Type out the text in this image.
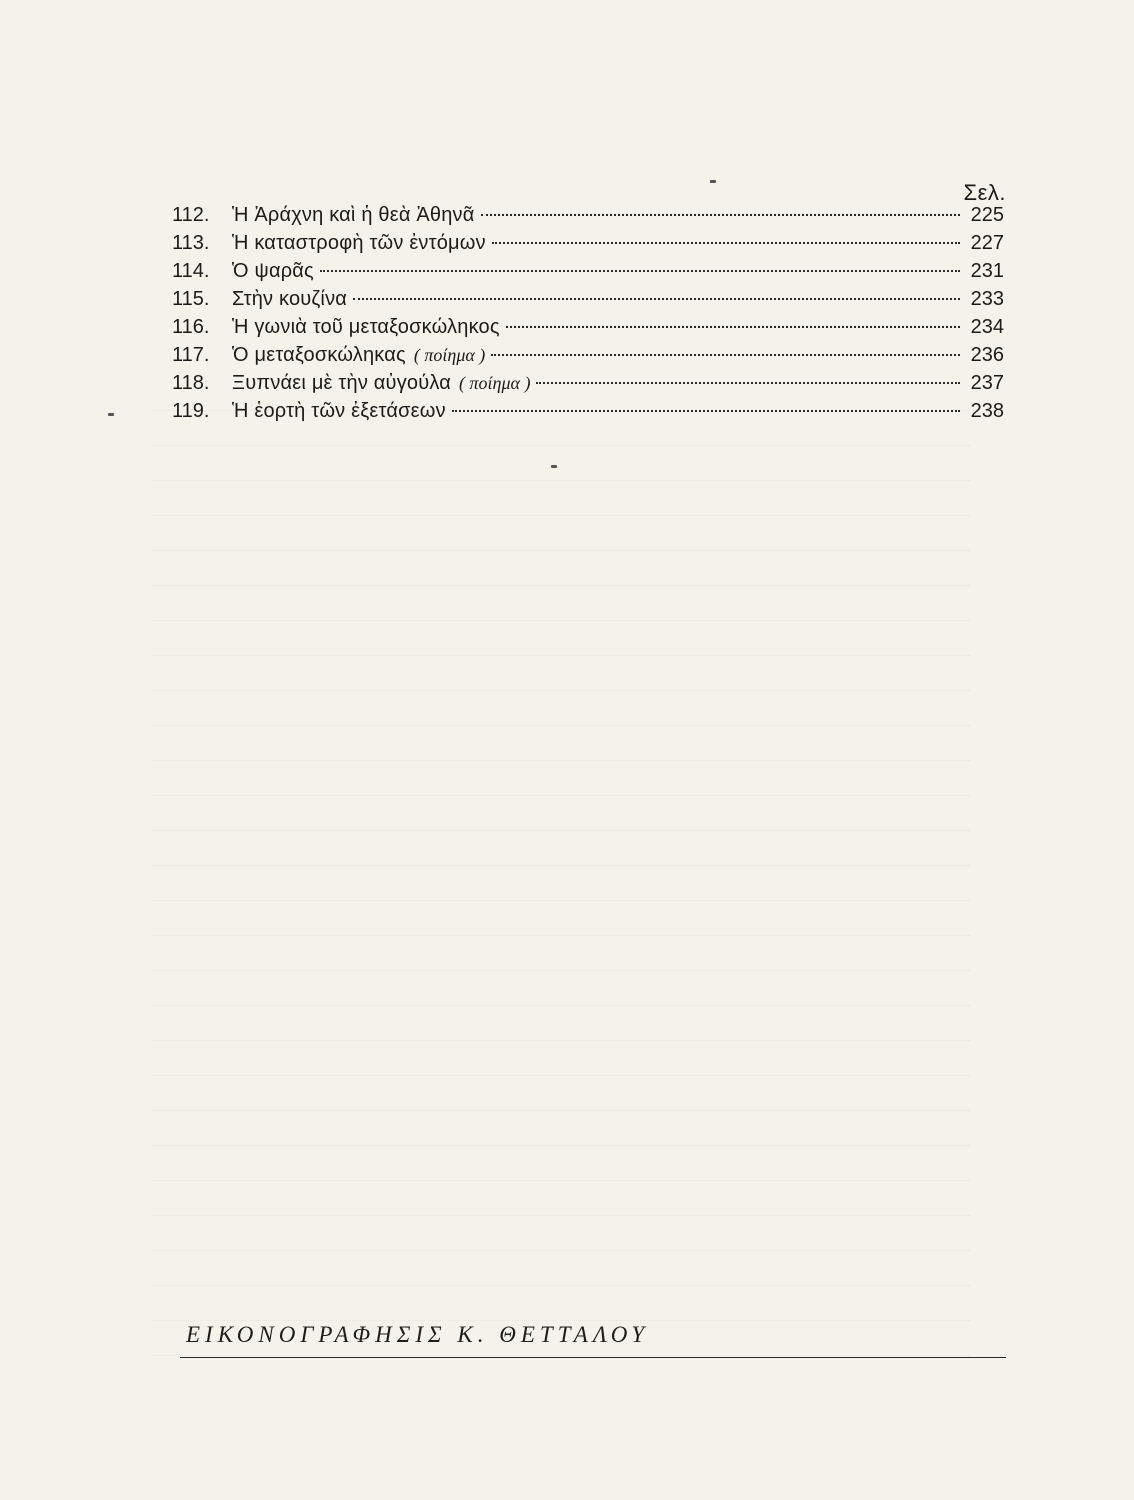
Σελ.
112.	Ἡ Ἀράχνη καὶ ἡ θεὰ Ἀθηνᾶ	225
113.	Ἡ καταστροφὴ τῶν ἐντόμων	227
114.	Ὁ ψαρᾶς	231
115.	Στὴν κουζίνα	233
116.	Ἡ γωνιὰ τοῦ μεταξοσκώληκος	234
117.	Ὁ μεταξοσκώληκας ( ποίημα )	236
118.	Ξυπνάει μὲ τὴν αὐγούλα ( ποίημα )	237
119.	Ἡ ἑορτὴ τῶν ἐξετάσεων	238
ΕΙΚΟΝΟΓΡΑΦΗΣΙΣ Κ. ΘΕΤΤΑΛΟΥ
